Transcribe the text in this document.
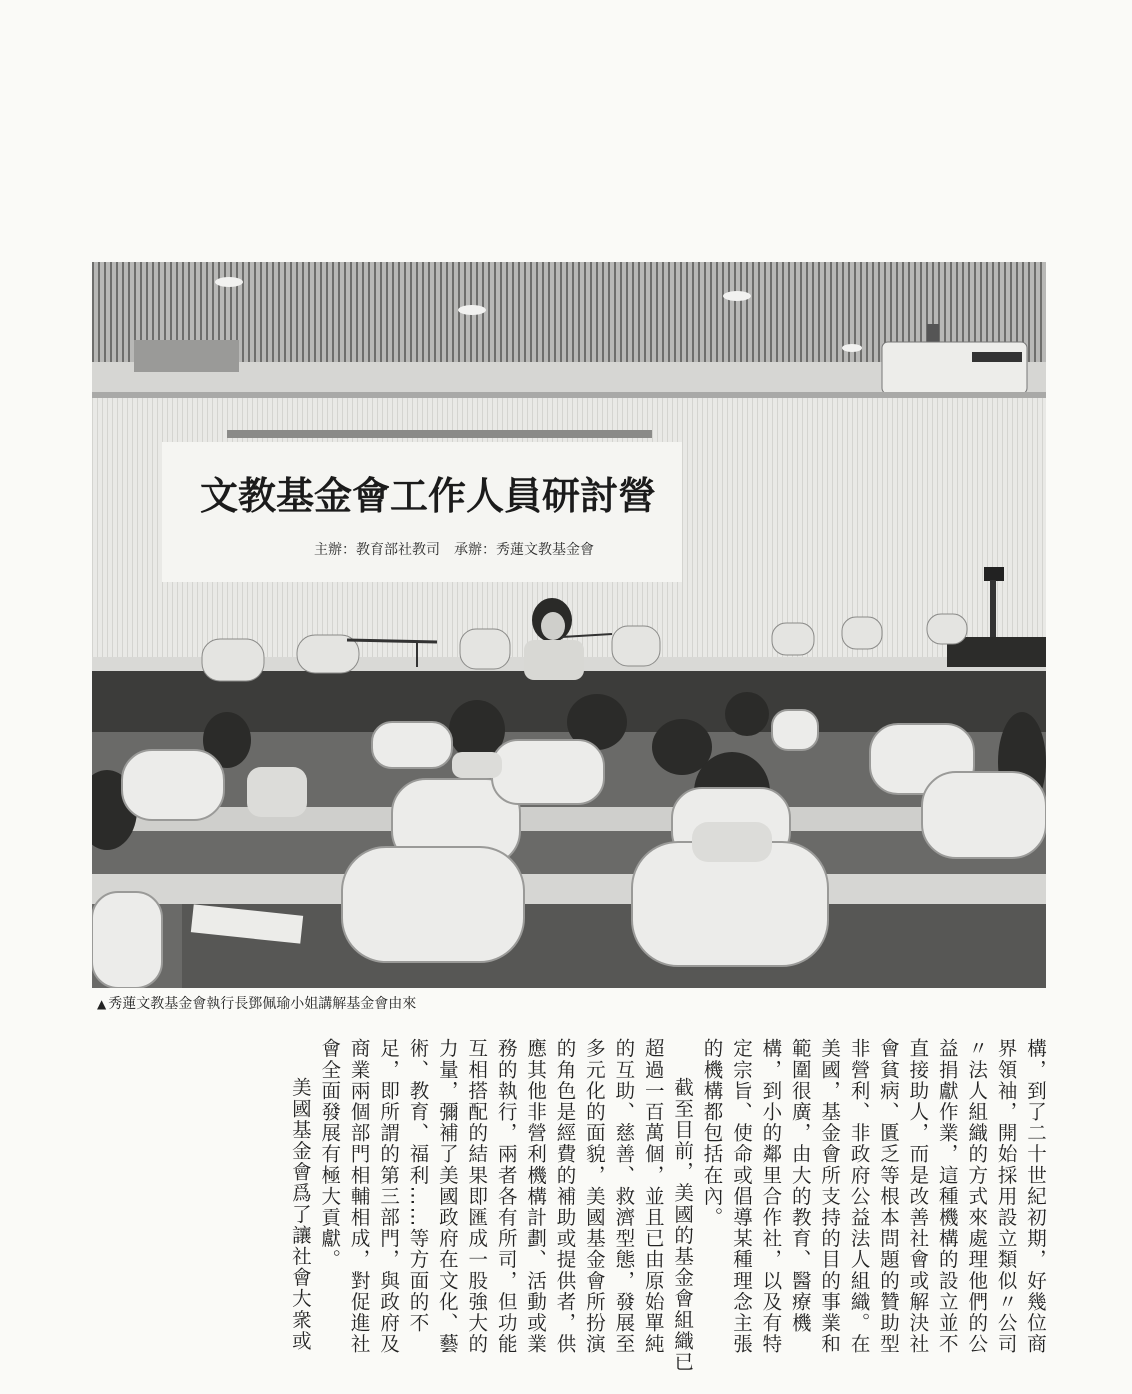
文教基金會工作人員研討營
主辦：教育部社教司　承辦：秀蓮文教基金會
▲ 秀蓮文教基金會執行長鄧佩瑜小姐講解基金會由來

構，到了二十世紀初期，好幾位商界領袖，開始採用設立類似〃公司〃法人組織的方式來處理他們的公益捐獻作業，這種機構的設立並不直接助人，而是改善社會或解決社會貧病、匱乏等根本問題的贊助型非營利、非政府公益法人組織。在美國，基金會所支持的目的事業和範圍很廣，由大的教育、醫療機構，到小的鄰里合作社，以及有特定宗旨、使命或倡導某種理念主張的機構都包括在內。

截至目前，美國的基金會組織已超過一百萬個，並且已由原始單純的互助、慈善、救濟型態，發展至多元化的面貌，美國基金會所扮演的角色是經費的補助或提供者，供應其他非營利機構計劃、活動或業務的執行，兩者各有所司，但功能互相搭配的結果即匯成一股強大的力量，彌補了美國政府在文化、藝術、教育、福利……等方面的不足，即所謂的第三部門，與政府及商業兩個部門相輔相成，對促進社會全面發展有極大貢獻。

美國基金會爲了讓社會大衆或
